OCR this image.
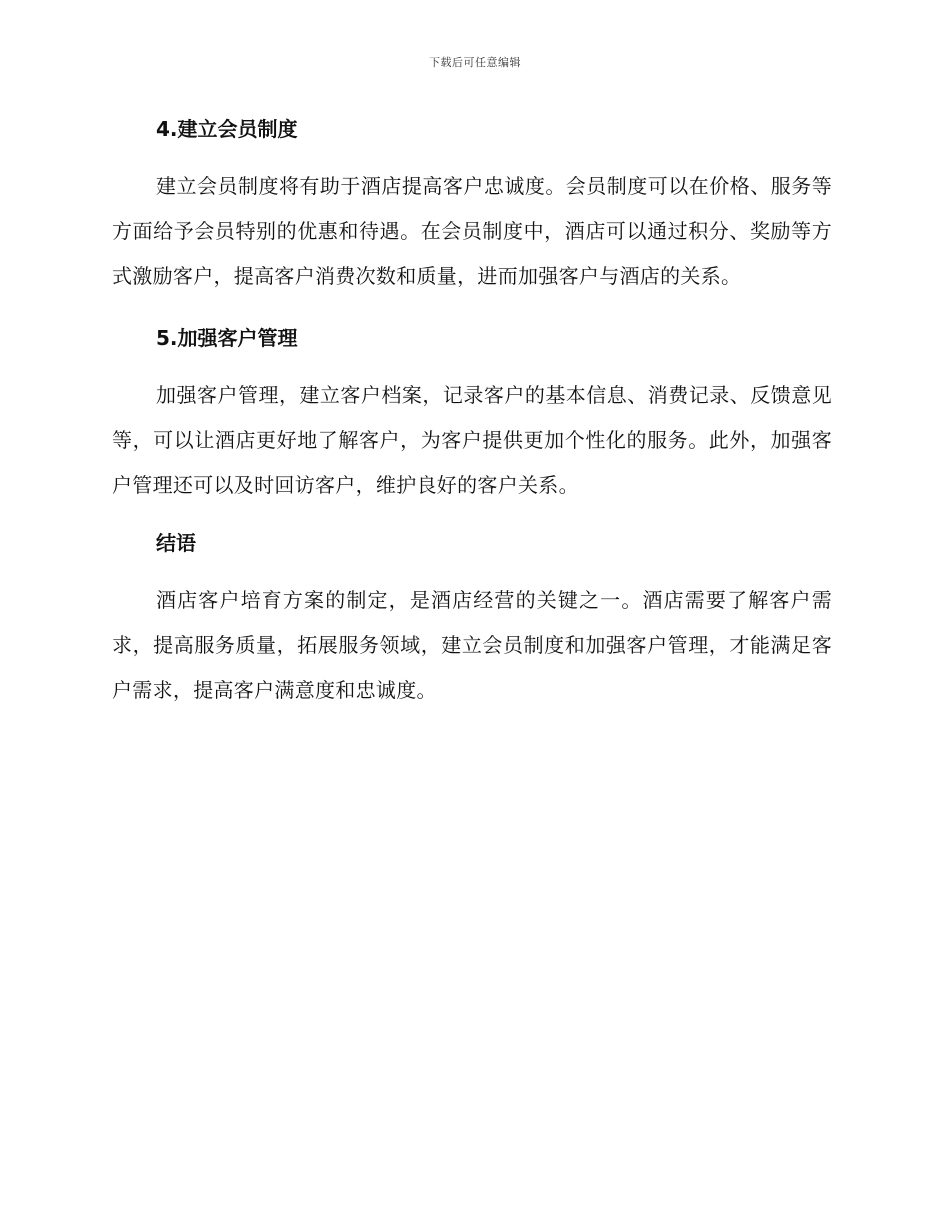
下载后可任意编辑
4.建立会员制度

建立会员制度将有助于酒店提高客户忠诚度。会员制度可以在价格、服务等方面给予会员特别的优惠和待遇。在会员制度中，酒店可以通过积分、奖励等方式激励客户，提高客户消费次数和质量，进而加强客户与酒店的关系。

5.加强客户管理

加强客户管理，建立客户档案，记录客户的基本信息、消费记录、反馈意见等，可以让酒店更好地了解客户，为客户提供更加个性化的服务。此外，加强客户管理还可以及时回访客户，维护良好的客户关系。

结语

酒店客户培育方案的制定，是酒店经营的关键之一。酒店需要了解客户需求，提高服务质量，拓展服务领域，建立会员制度和加强客户管理，才能满足客户需求，提高客户满意度和忠诚度。
